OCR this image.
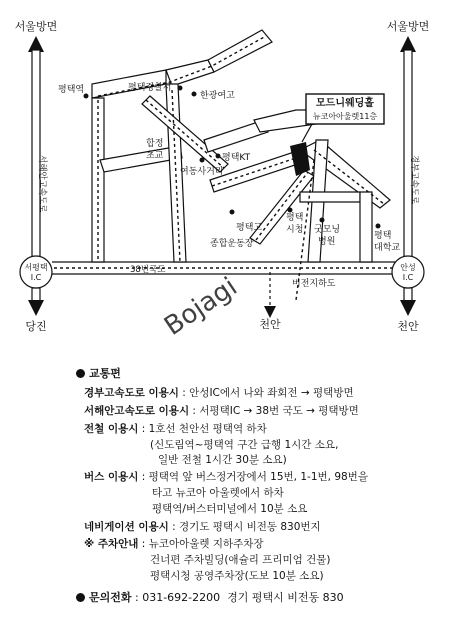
서평택
I.C
안성
I.C
서울방면	서울방면
당진	천안
천안
서해안고속도로	경부고속도로
38번국도
평택역	평택경찰서
한광여고
합정
초교	평택KT
여동사거리
평택고
종합운동장
평택
시청 굿모닝
병원
평택
대학교
비전지하도
모드니웨딩홀
뉴코아아울렛11층
Bojagi
교통편
경부고속도로 이용시 : 안성IC에서 나와 좌회전 → 평택방면
서해안고속도로 이용시 : 서평택IC → 38번 국도 → 평택방면
전철 이용시 : 1호선 천안선 평택역 하차
(신도림역~평택역 구간 급행 1시간 소요,
일반 전철 1시간 30분 소요)
버스 이용시 : 평택역 앞 버스정거장에서 15번, 1-1번, 98번을
타고 뉴코아 아울렛에서 하차
평택역/버스터미널에서 10분 소요
네비게이션 이용시 : 경기도 평택시 비전동 830번지
※ 주차안내 : 뉴코아아울렛 지하주차장
건너편 주차빌딩(애슐리 프리미엄 건물)
평택시청 공영주차장(도보 10분 소요)
문의전화 : 031-692-2200 경기 평택시 비전동 830
